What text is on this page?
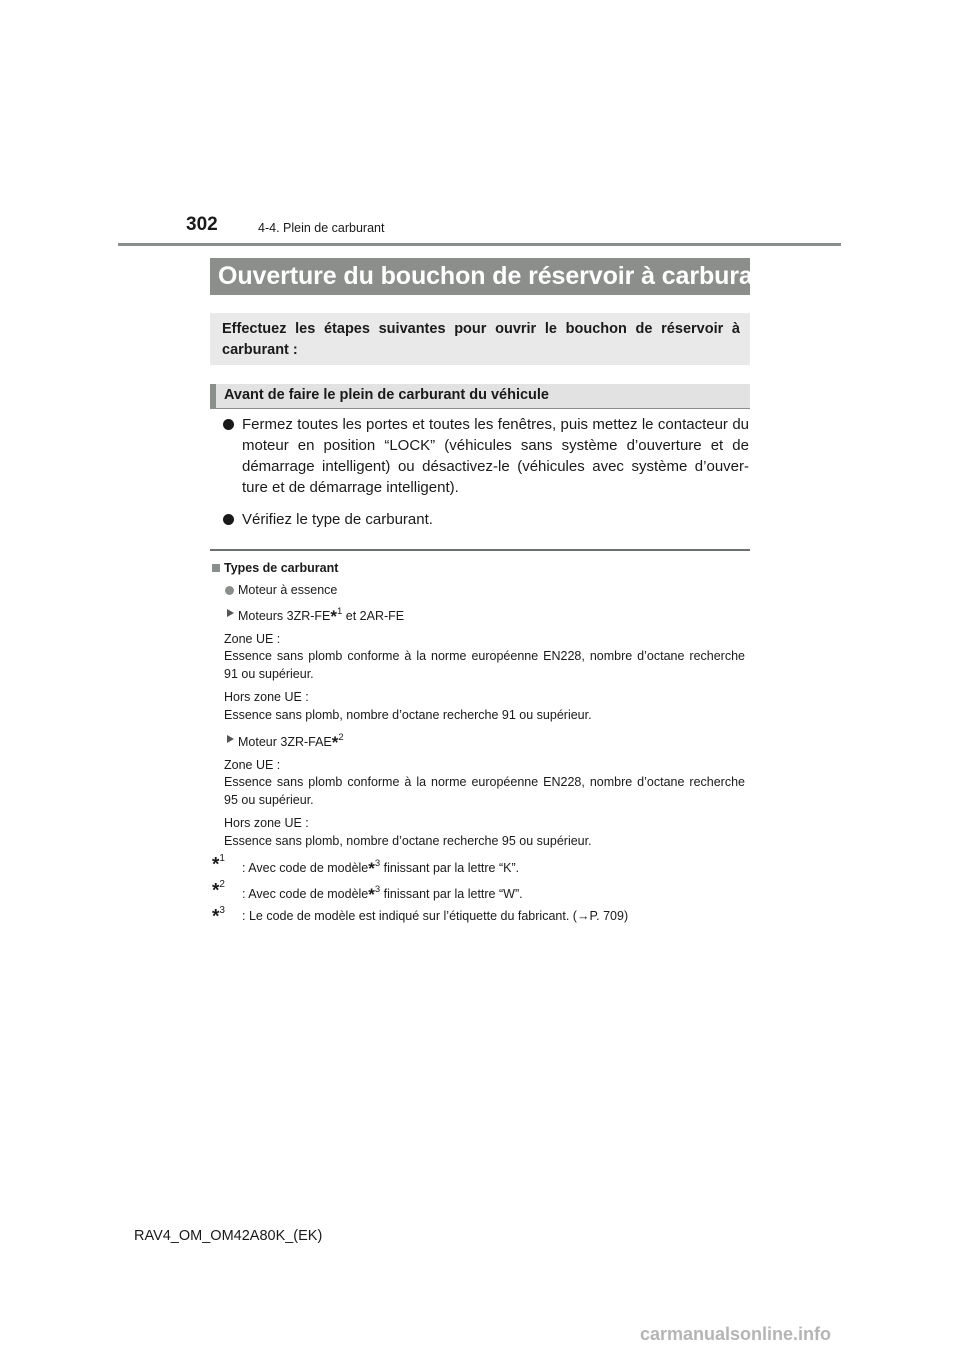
302	4-4. Plein de carburant
Ouverture du bouchon de réservoir à carburant
Effectuez les étapes suivantes pour ouvrir le bouchon de réservoir à carburant :
Avant de faire le plein de carburant du véhicule
Fermez toutes les portes et toutes les fenêtres, puis mettez le contacteur du moteur en position “LOCK” (véhicules sans système d’ouverture et de démarrage intelligent) ou désactivez-le (véhicules avec système d’ouver-ture et de démarrage intelligent).
Vérifiez le type de carburant.
Types de carburant
Moteur à essence
Moteurs 3ZR-FE*$^1$ et 2AR-FE
Zone UE :
Essence sans plomb conforme à la norme européenne EN228, nombre d’octane recherche 91 ou supérieur.
Hors zone UE :
Essence sans plomb, nombre d’octane recherche 91 ou supérieur.
Moteur 3ZR-FAE*$^2$
Zone UE :
Essence sans plomb conforme à la norme européenne EN228, nombre d’octane recherche 95 ou supérieur.
Hors zone UE :
Essence sans plomb, nombre d’octane recherche 95 ou supérieur.
*$^1$
: Avec code de modèle*$^3$ finissant par la lettre “K”.
*$^2$
: Avec code de modèle*$^3$ finissant par la lettre “W”.
*$^3$ : Le code de modèle est indiqué sur l’étiquette du fabricant. (→P. 709)
RAV4_OM_OM42A80K_(EK)
carmanualsonline.info
